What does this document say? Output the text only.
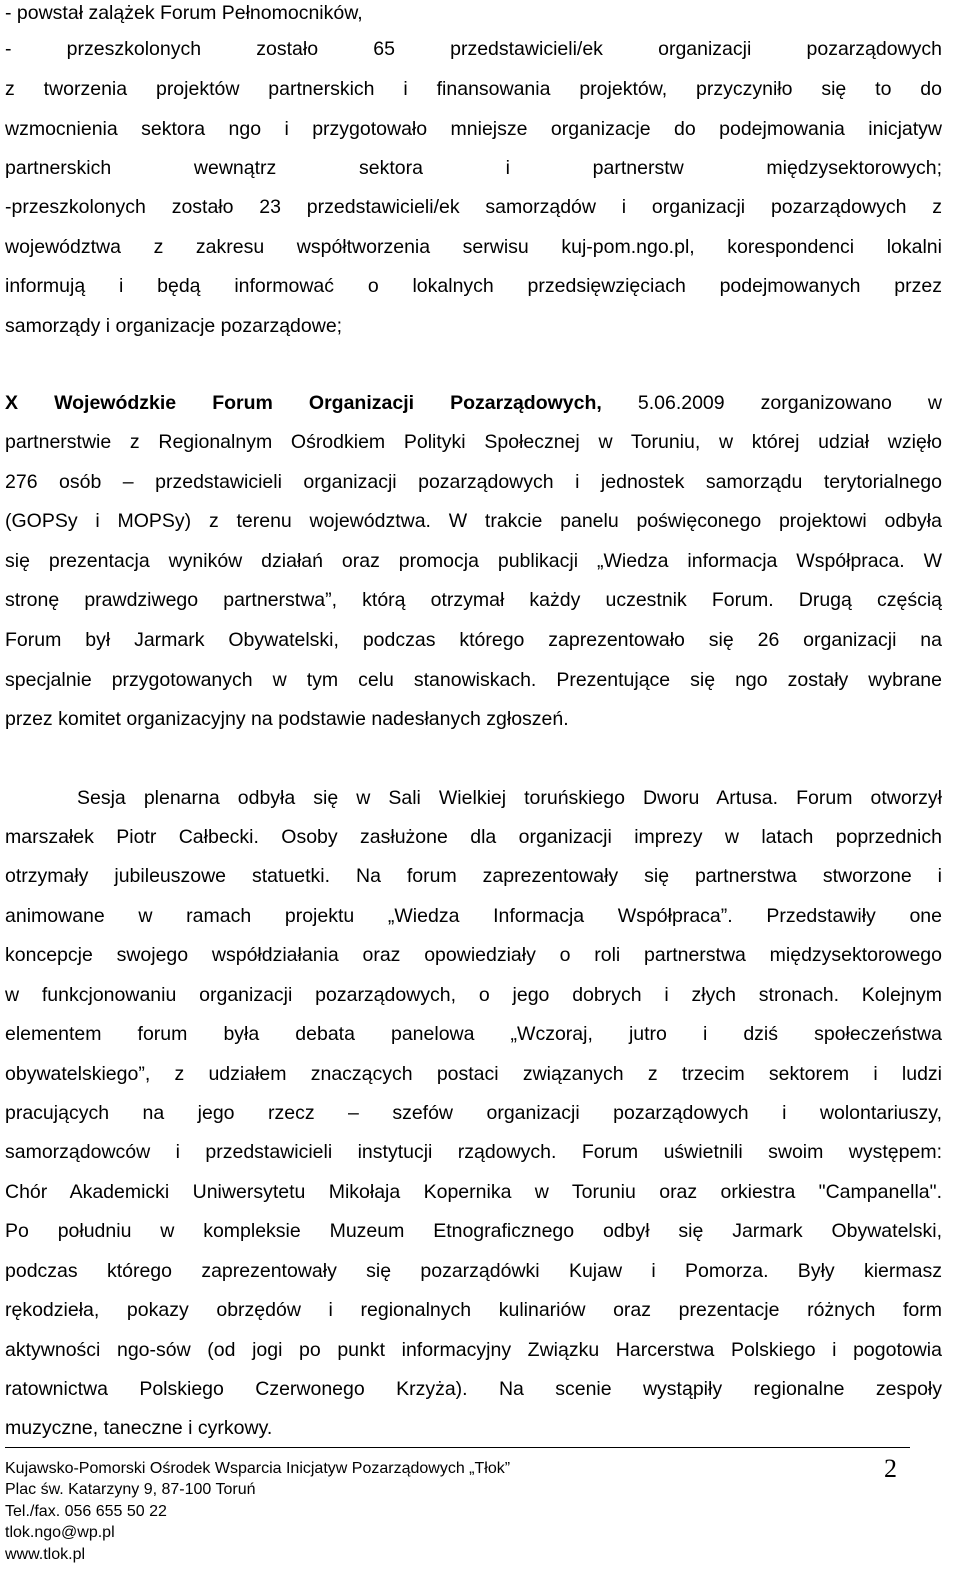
- powstał zalążek Forum Pełnomocników,
- przeszkolonych zostało 65 przedstawicieli/ek organizacji pozarządowych
z tworzenia projektów partnerskich i finansowania projektów, przyczyniło się to do
wzmocnienia sektora ngo i przygotowało mniejsze organizacje do podejmowania inicjatyw
partnerskich wewnątrz sektora i partnerstw międzysektorowych;
-przeszkolonych zostało 23 przedstawicieli/ek samorządów i organizacji pozarządowych z
województwa z zakresu współtworzenia serwisu kuj-pom.ngo.pl, korespondenci lokalni
informują i będą informować o lokalnych przedsięwzięciach podejmowanych przez
samorządy i organizacje pozarządowe;
X Wojewódzkie Forum Organizacji Pozarządowych, 5.06.2009 zorganizowano w
partnerstwie z Regionalnym Ośrodkiem Polityki Społecznej w Toruniu, w której udział wzięło
276 osób – przedstawicieli organizacji pozarządowych i jednostek samorządu terytorialnego
(GOPSy i MOPSy) z terenu województwa. W trakcie panelu poświęconego projektowi odbyła
się prezentacja wyników działań oraz promocja publikacji „Wiedza informacja Współpraca. W
stronę prawdziwego partnerstwa”, którą otrzymał każdy uczestnik Forum. Drugą częścią
Forum był Jarmark Obywatelski, podczas którego zaprezentowało się 26 organizacji na
specjalnie przygotowanych w tym celu stanowiskach. Prezentujące się ngo zostały wybrane
przez komitet organizacyjny na podstawie nadesłanych zgłoszeń.
Sesja plenarna odbyła się w Sali Wielkiej toruńskiego Dworu Artusa. Forum otworzył
marszałek Piotr Całbecki. Osoby zasłużone dla organizacji imprezy w latach poprzednich
otrzymały jubileuszowe statuetki. Na forum zaprezentowały się partnerstwa stworzone i
animowane w ramach projektu „Wiedza Informacja Współpraca”. Przedstawiły one
koncepcje swojego współdziałania oraz opowiedziały o roli partnerstwa międzysektorowego
w funkcjonowaniu organizacji pozarządowych, o jego dobrych i złych stronach. Kolejnym
elementem forum była debata panelowa „Wczoraj, jutro i dziś społeczeństwa
obywatelskiego”, z udziałem znaczących postaci związanych z trzecim sektorem i ludzi
pracujących na jego rzecz – szefów organizacji pozarządowych i wolontariuszy,
samorządowców i przedstawicieli instytucji rządowych. Forum uświetnili swoim występem:
Chór Akademicki Uniwersytetu Mikołaja Kopernika w Toruniu oraz orkiestra "Campanella".
Po południu w kompleksie Muzeum Etnograficznego odbył się Jarmark Obywatelski,
podczas którego zaprezentowały się pozarządówki Kujaw i Pomorza. Były kiermasz
rękodzieła, pokazy obrzędów i regionalnych kulinariów oraz prezentacje różnych form
aktywności ngo-sów (od jogi po punkt informacyjny Związku Harcerstwa Polskiego i pogotowia
ratownictwa Polskiego Czerwonego Krzyża). Na scenie wystąpiły regionalne zespoły
muzyczne, taneczne i cyrkowy.
Kujawsko-Pomorski Ośrodek Wsparcia Inicjatyw Pozarządowych „Tłok”
Plac św. Katarzyny 9, 87-100 Toruń
Tel./fax. 056 655 50 22
tlok.ngo@wp.pl
www.tlok.pl
2
